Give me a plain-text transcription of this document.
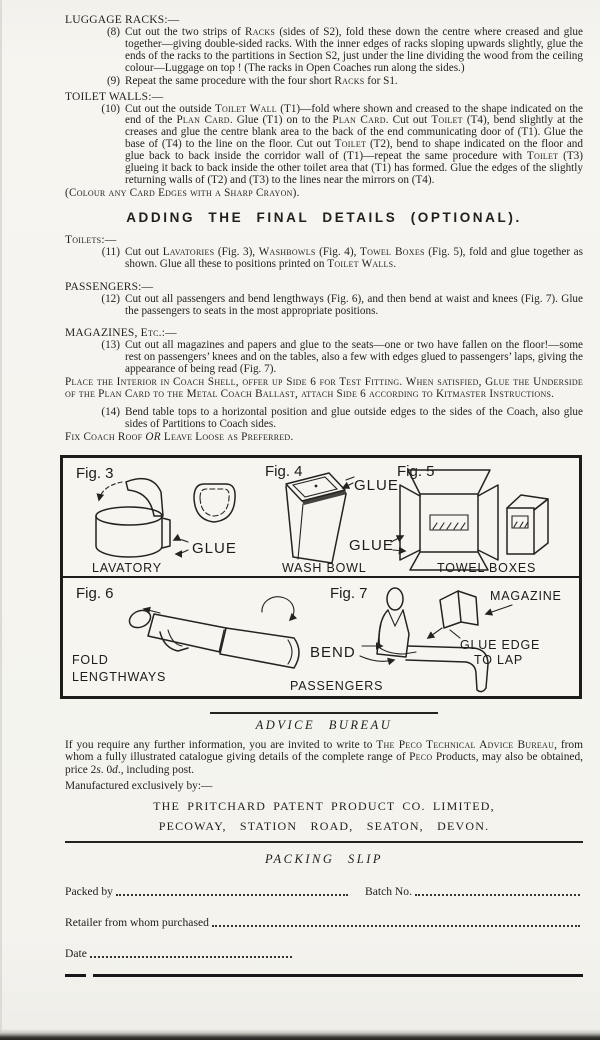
LUGGAGE RACKS:—

(8) Cut out the two strips of Racks (sides of S2), fold these down the centre where creased and glue together—giving double-sided racks. With the inner edges of racks sloping upwards slightly, glue the ends of the racks to the partitions in Section S2, just under the line dividing the wood from the ceiling colour—Luggage on top ! (The racks in Open Coaches run along the sides.)

(9) Repeat the same procedure with the four short Racks for S1.

TOILET WALLS:—

(10) Cut out the outside Toilet Wall (T1)—fold where shown and creased to the shape indicated on the end of the Plan Card. Glue (T1) on to the Plan Card. Cut out Toilet (T4), bend slightly at the creases and glue the centre blank area to the back of the end communicating door of (T1). Glue the base of (T4) to the line on the floor. Cut out Toilet (T2), bend to shape indicated on the floor and glue back to back inside the corridor wall of (T1)—repeat the same procedure with Toilet (T3) glueing it back to back inside the other toilet area that (T1) has formed. Glue the edges of the slightly returning walls of (T2) and (T3) to the lines near the mirrors on (T4).

(Colour any Card Edges with a Sharp Crayon).

ADDING THE FINAL DETAILS (OPTIONAL).

Toilets:—

(11) Cut out Lavatories (Fig. 3), Washbowls (Fig. 4), Towel Boxes (Fig. 5), fold and glue together as shown. Glue all these to positions printed on Toilet Walls.

PASSENGERS:—

(12) Cut out all passengers and bend lengthways (Fig. 6), and then bend at waist and knees (Fig. 7). Glue the passengers to seats in the most appropriate positions.

MAGAZINES, Etc.:—

(13) Cut out all magazines and papers and glue to the seats—one or two have fallen on the floor!—some rest on passengers’ knees and on the tables, also a few with edges glued to passengers’ laps, giving the appearance of being read (Fig. 7).

Place the Interior in Coach Shell, offer up Side 6 for Test Fitting. When satisfied, Glue the Underside of the Plan Card to the Metal Coach Ballast, attach Side 6 according to Kitmaster Instructions.

(14) Bend table tops to a horizontal position and glue outside edges to the sides of the Coach, also glue sides of Partitions to Coach sides.

Fix Coach Roof OR Leave Loose as Preferred.

Fig. 3
GLUE
LAVATORY
Fig. 4
GLUE
GLUE
WASH BOWL
Fig. 5
TOWEL BOXES
Fig. 6
FOLD
LENGTHWAYS
Fig. 7
BEND
PASSENGERS
MAGAZINE
GLUE EDGE
TO LAP

ADVICE BUREAU

If you require any further information, you are invited to write to The Peco Technical Advice Bureau, from whom a fully illustrated catalogue giving details of the complete range of Peco Products, may also be obtained, price 2s. 0d., including post.

Manufactured exclusively by:—

THE PRITCHARD PATENT PRODUCT CO. LIMITED,

PECOWAY, STATION ROAD, SEATON, DEVON.

PACKING SLIP

Packed by	Batch No.
Retailer from whom purchased
Date
